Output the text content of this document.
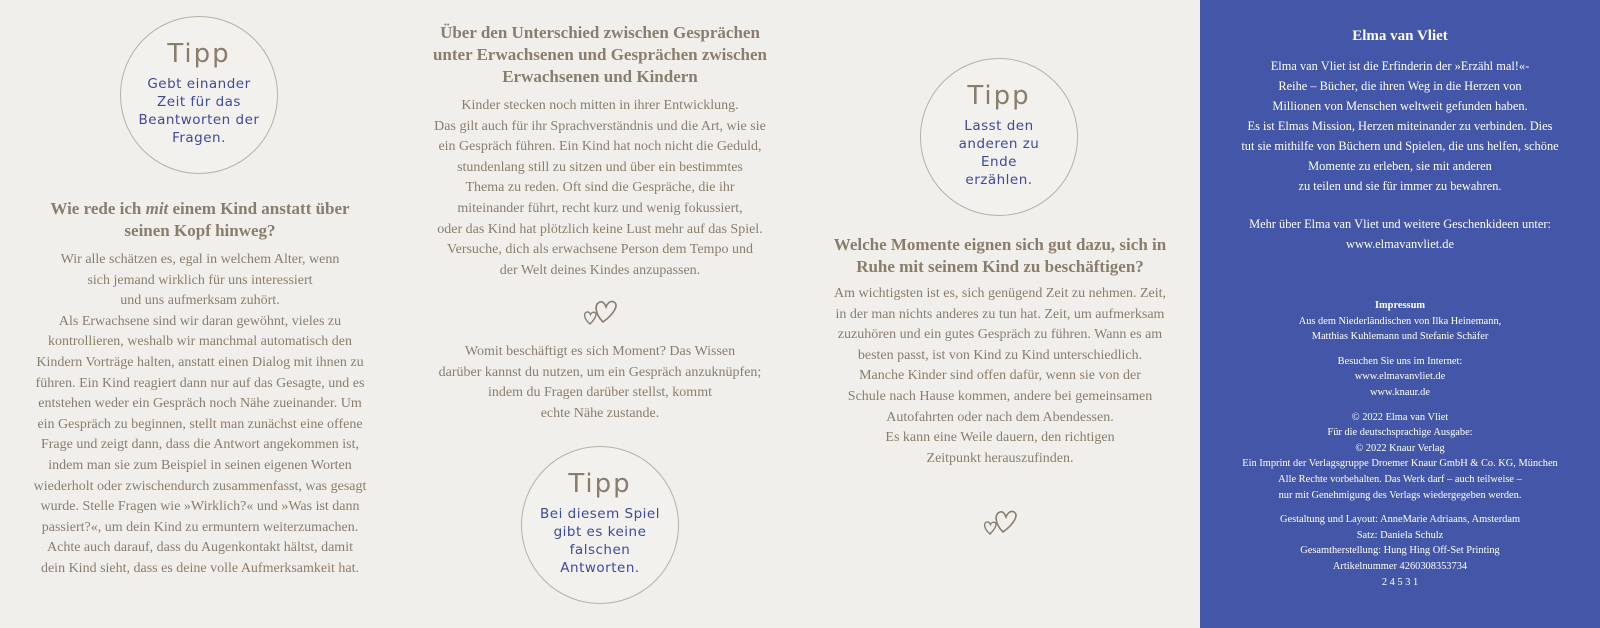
Tipp
Gebt einander Zeit für das Beantworten der Fragen.
Wie rede ich mit einem Kind anstatt über seinen Kopf hinweg?
Wir alle schätzen es, egal in welchem Alter, wenn
sich jemand wirklich für uns interessiert
und uns aufmerksam zuhört.
Als Erwachsene sind wir daran gewöhnt, vieles zu
kontrollieren, weshalb wir manchmal automatisch den
Kindern Vorträge halten, anstatt einen Dialog mit ihnen zu
führen. Ein Kind reagiert dann nur auf das Gesagte, und es
entstehen weder ein Gespräch noch Nähe zueinander. Um
ein Gespräch zu beginnen, stellt man zunächst eine offene
Frage und zeigt dann, dass die Antwort angekommen ist,
indem man sie zum Beispiel in seinen eigenen Worten
wiederholt oder zwischendurch zusammenfasst, was gesagt
wurde. Stelle Fragen wie »Wirklich?« und »Was ist dann
passiert?«, um dein Kind zu ermuntern weiterzumachen.
Achte auch darauf, dass du Augenkontakt hältst, damit
dein Kind sieht, dass es deine volle Aufmerksamkeit hat.
Über den Unterschied zwischen Gesprächen unter Erwachsenen und Gesprächen zwischen Erwachsenen und Kindern
Kinder stecken noch mitten in ihrer Entwicklung.
Das gilt auch für ihr Sprachverständnis und die Art, wie sie
ein Gespräch führen. Ein Kind hat noch nicht die Geduld,
stundenlang still zu sitzen und über ein bestimmtes
Thema zu reden. Oft sind die Gespräche, die ihr
miteinander führt, recht kurz und wenig fokussiert,
oder das Kind hat plötzlich keine Lust mehr auf das Spiel.
Versuche, dich als erwachsene Person dem Tempo und
der Welt deines Kindes anzupassen.
Womit beschäftigt es sich Moment? Das Wissen
darüber kannst du nutzen, um ein Gespräch anzuknüpfen;
indem du Fragen darüber stellst, kommt
echte Nähe zustande.
Tipp
Bei diesem Spiel gibt es keine falschen Antworten.
Tipp
Lasst den anderen zu Ende erzählen.
Welche Momente eignen sich gut dazu, sich in Ruhe mit seinem Kind zu beschäftigen?
Am wichtigsten ist es, sich genügend Zeit zu nehmen. Zeit,
in der man nichts anderes zu tun hat. Zeit, um aufmerksam
zuzuhören und ein gutes Gespräch zu führen. Wann es am
besten passt, ist von Kind zu Kind unterschiedlich.
Manche Kinder sind offen dafür, wenn sie von der
Schule nach Hause kommen, andere bei gemeinsamen
Autofahrten oder nach dem Abendessen.
Es kann eine Weile dauern, den richtigen
Zeitpunkt herauszufinden.
Elma van Vliet
Elma van Vliet ist die Erfinderin der »Erzähl mal!«-
Reihe – Bücher, die ihren Weg in die Herzen von
Millionen von Menschen weltweit gefunden haben.
Es ist Elmas Mission, Herzen miteinander zu verbinden. Dies
tut sie mithilfe von Büchern und Spielen, die uns helfen, schöne
Momente zu erleben, sie mit anderen
zu teilen und sie für immer zu bewahren.
Mehr über Elma van Vliet und weitere Geschenkideen unter:
www.elmavanvliet.de
Impressum
Aus dem Niederländischen von Ilka Heinemann,
Matthias Kuhlemann und Stefanie Schäfer
Besuchen Sie uns im Internet:
www.elmavanvliet.de
www.knaur.de
© 2022 Elma van Vliet
Für die deutschsprachige Ausgabe:
© 2022 Knaur Verlag
Ein Imprint der Verlagsgruppe Droemer Knaur GmbH & Co. KG, München
Alle Rechte vorbehalten. Das Werk darf – auch teilweise –
nur mit Genehmigung des Verlags wiedergegeben werden.
Gestaltung und Layout: AnneMarie Adriaans, Amsterdam
Satz: Daniela Schulz
Gesamtherstellung: Hung Hing Off-Set Printing
Artikelnummer 4260308353734
2 4 5 3 1
